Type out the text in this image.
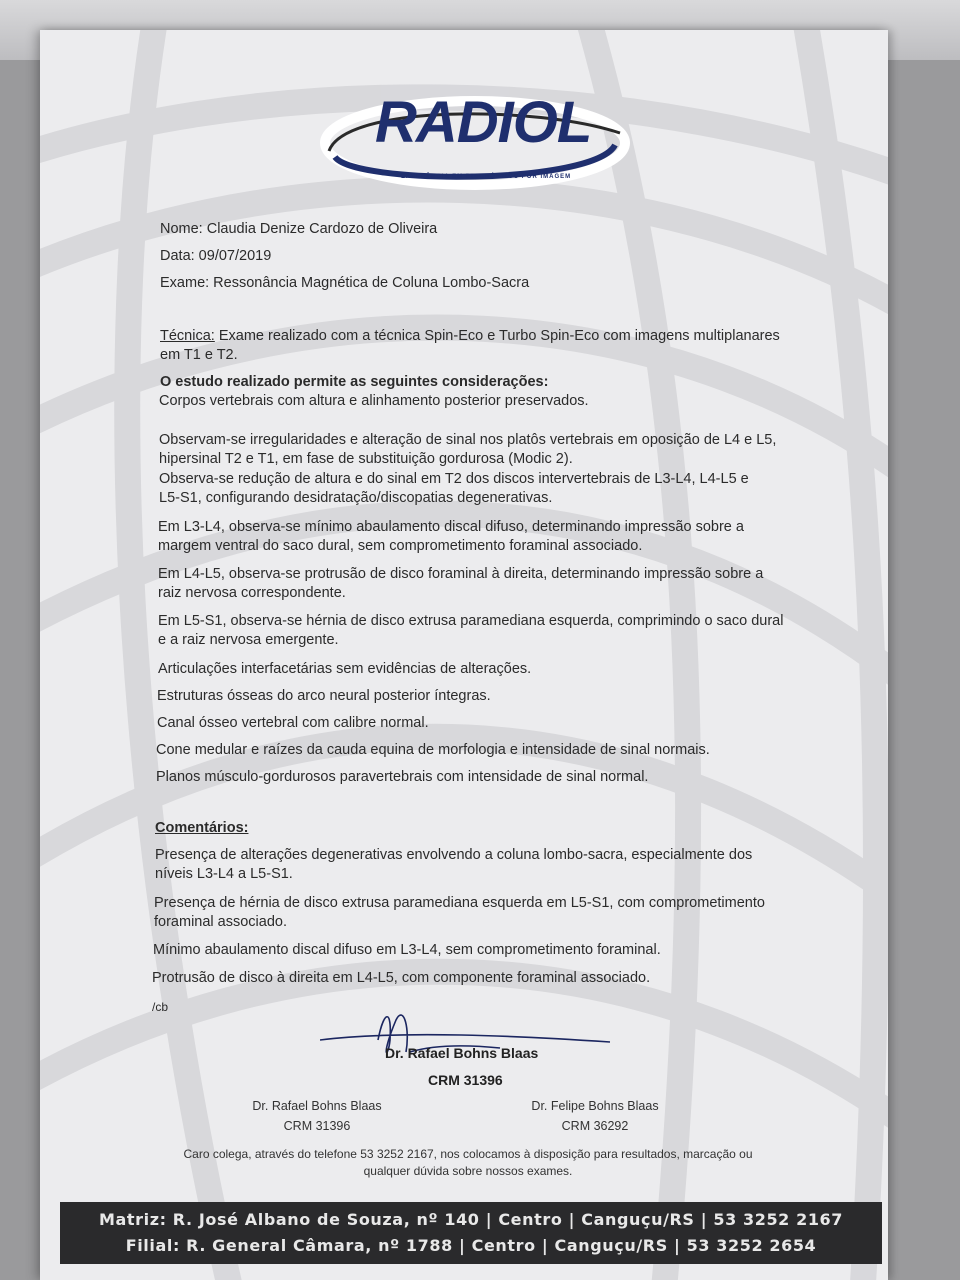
RADIOL
EXCELÊNCIA EM DIAGNÓSTICO POR IMAGEM
Nome: Claudia Denize Cardozo de Oliveira
Data: 09/07/2019
Exame: Ressonância Magnética de Coluna Lombo-Sacra
Técnica: Exame realizado com a técnica Spin-Eco e Turbo Spin-Eco com imagens multiplanares
em T1 e T2.
O estudo realizado permite as seguintes considerações:
Corpos vertebrais com altura e alinhamento posterior preservados.
Observam-se irregularidades e alteração de sinal nos platôs vertebrais em oposição de L4 e L5,
hipersinal T2 e T1, em fase de substituição gordurosa (Modic 2).
Observa-se redução de altura e do sinal em T2 dos discos intervertebrais de L3-L4, L4-L5 e
L5-S1, configurando desidratação/discopatias degenerativas.
Em L3-L4, observa-se mínimo abaulamento discal difuso, determinando impressão sobre a
margem ventral do saco dural, sem comprometimento foraminal associado.
Em L4-L5, observa-se protrusão de disco foraminal à direita, determinando impressão sobre a
raiz nervosa correspondente.
Em L5-S1, observa-se hérnia de disco extrusa paramediana esquerda, comprimindo o saco dural
e a raiz nervosa emergente.
Articulações interfacetárias sem evidências de alterações.
Estruturas ósseas do arco neural posterior íntegras.
Canal ósseo vertebral com calibre normal.
Cone medular e raízes da cauda equina de morfologia e intensidade de sinal normais.
Planos músculo-gordurosos paravertebrais com intensidade de sinal normal.
Comentários:
Presença de alterações degenerativas envolvendo a coluna lombo-sacra, especialmente dos
níveis L3-L4 a L5-S1.
Presença de hérnia de disco extrusa paramediana esquerda em L5-S1, com comprometimento
foraminal associado.
Mínimo abaulamento discal difuso em L3-L4, sem comprometimento foraminal.
Protrusão de disco à direita em L4-L5, com componente foraminal associado.
/cb
Dr. Rafael Bohns Blaas
CRM 31396
Dr. Rafael Bohns Blaas
CRM 31396
Dr. Felipe Bohns Blaas
CRM 36292
Caro colega, através do telefone 53 3252 2167, nos colocamos à disposição para resultados, marcação ou
qualquer dúvida sobre nossos exames.
Matriz: R. José Albano de Souza, nº 140 | Centro | Canguçu/RS | 53 3252 2167
Filial: R. General Câmara, nº 1788 | Centro | Canguçu/RS | 53 3252 2654
